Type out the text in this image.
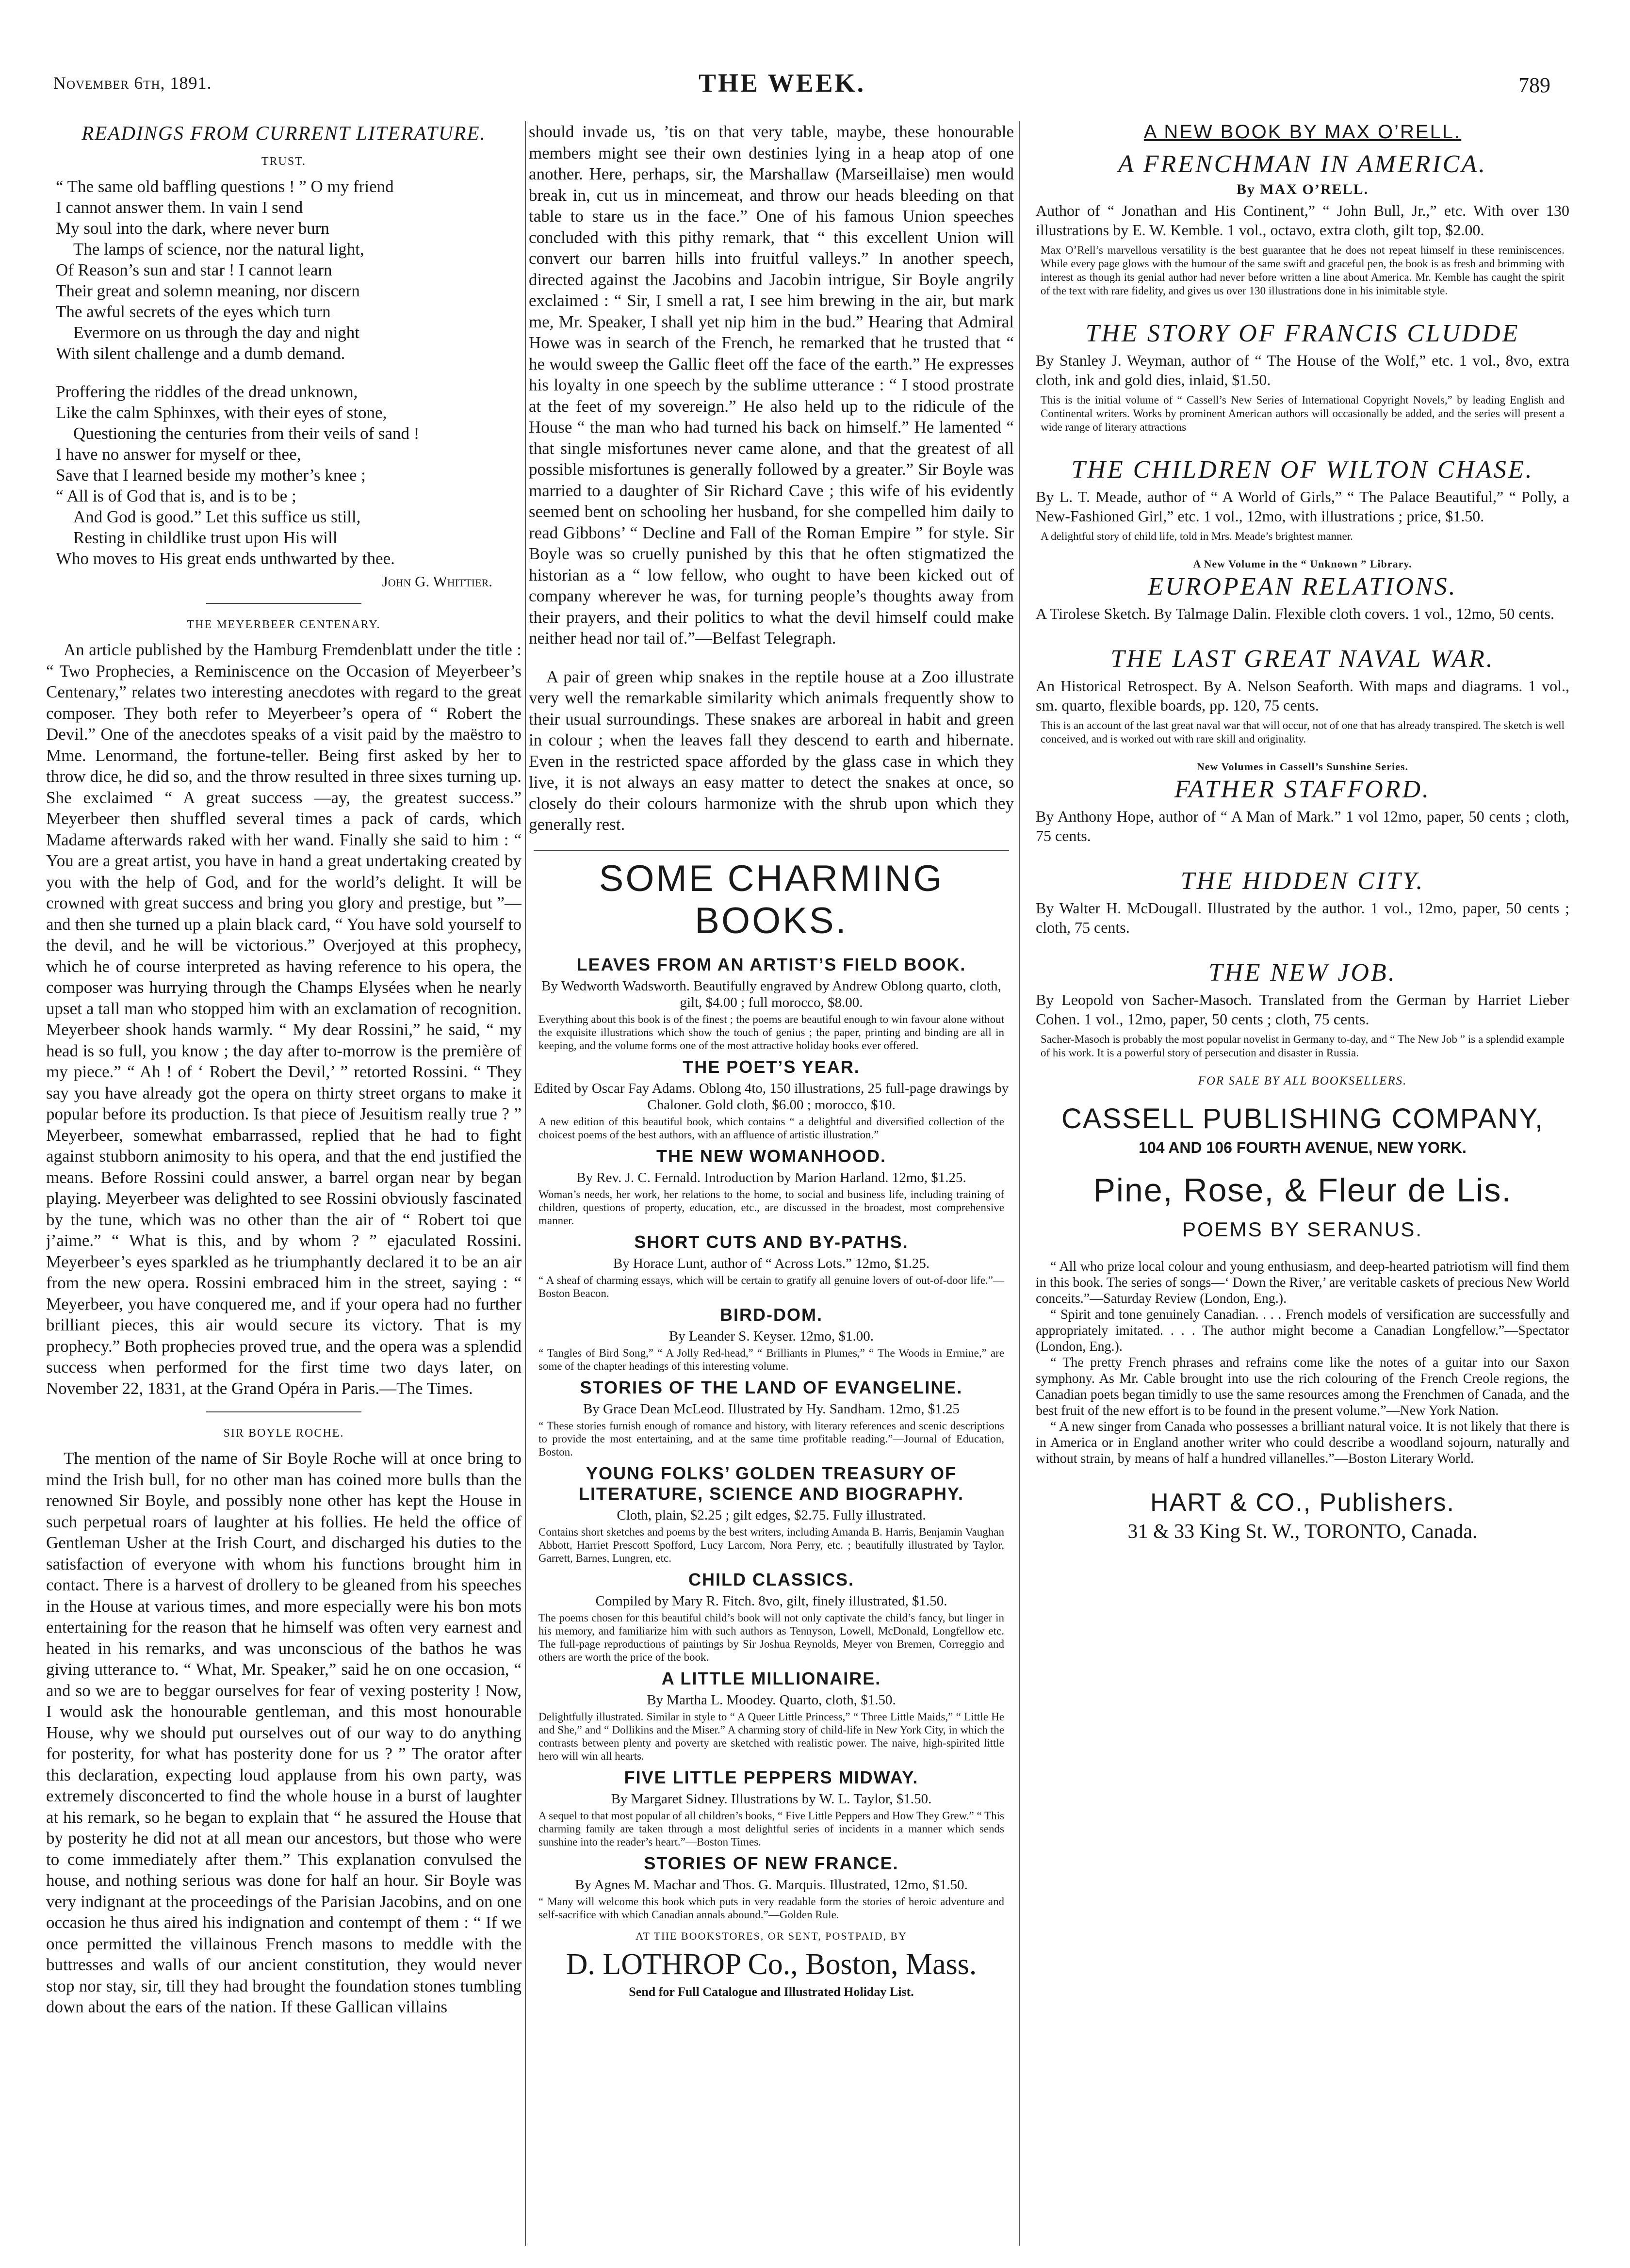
November 6th, 1891.	THE WEEK.	789
READINGS FROM CURRENT LITERATURE.
TRUST.
“ The same old baffling questions ! ” O my friend
I cannot answer them. In vain I send
My soul into the dark, where never burn
The lamps of science, nor the natural light,
Of Reason’s sun and star ! I cannot learn
Their great and solemn meaning, nor discern
The awful secrets of the eyes which turn
Evermore on us through the day and night
With silent challenge and a dumb demand.
Proffering the riddles of the dread unknown,
Like the calm Sphinxes, with their eyes of stone,
Questioning the centuries from their veils of sand !
I have no answer for myself or thee,
Save that I learned beside my mother’s knee ;
“ All is of God that is, and is to be ;
And God is good.” Let this suffice us still,
Resting in childlike trust upon His will
Who moves to His great ends unthwarted by thee.
John G. Whittier.
THE MEYERBEER CENTENARY.

An article published by the Hamburg Fremdenblatt under the title : “ Two Prophecies, a Reminiscence on the Occasion of Meyerbeer’s Centenary,” relates two interesting anecdotes with regard to the great composer. They both refer to Meyerbeer’s opera of “ Robert the Devil.” One of the anecdotes speaks of a visit paid by the maëstro to Mme. Lenormand, the fortune-teller. Being first asked by her to throw dice, he did so, and the throw resulted in three sixes turning up. She exclaimed “ A great success —ay, the greatest success.” Meyerbeer then shuffled several times a pack of cards, which Madame afterwards raked with her wand. Finally she said to him : “ You are a great artist, you have in hand a great undertaking created by you with the help of God, and for the world’s delight. It will be crowned with great success and bring you glory and prestige, but ”—and then she turned up a plain black card, “ You have sold yourself to the devil, and he will be victorious.” Overjoyed at this prophecy, which he of course interpreted as having reference to his opera, the composer was hurrying through the Champs Elysées when he nearly upset a tall man who stopped him with an exclamation of recognition. Meyerbeer shook hands warmly. “ My dear Rossini,” he said, “ my head is so full, you know ; the day after to-morrow is the première of my piece.” “ Ah ! of ‘ Robert the Devil,’ ” retorted Rossini. “ They say you have already got the opera on thirty street organs to make it popular before its production. Is that piece of Jesuitism really true ? ” Meyerbeer, somewhat embarrassed, replied that he had to fight against stubborn animosity to his opera, and that the end justified the means. Before Rossini could answer, a barrel organ near by began playing. Meyerbeer was delighted to see Rossini obviously fascinated by the tune, which was no other than the air of “ Robert toi que j’aime.” “ What is this, and by whom ? ” ejaculated Rossini. Meyerbeer’s eyes sparkled as he triumphantly declared it to be an air from the new opera. Rossini embraced him in the street, saying : “ Meyerbeer, you have conquered me, and if your opera had no further brilliant pieces, this air would secure its victory. That is my prophecy.” Both prophecies proved true, and the opera was a splendid success when performed for the first time two days later, on November 22, 1831, at the Grand Opéra in Paris.—The Times.

SIR BOYLE ROCHE.

The mention of the name of Sir Boyle Roche will at once bring to mind the Irish bull, for no other man has coined more bulls than the renowned Sir Boyle, and possibly none other has kept the House in such perpetual roars of laughter at his follies. He held the office of Gentleman Usher at the Irish Court, and discharged his duties to the satisfaction of everyone with whom his functions brought him in contact. There is a harvest of drollery to be gleaned from his speeches in the House at various times, and more especially were his bon mots entertaining for the reason that he himself was often very earnest and heated in his remarks, and was unconscious of the bathos he was giving utterance to. “ What, Mr. Speaker,” said he on one occasion, “ and so we are to beggar ourselves for fear of vexing posterity ! Now, I would ask the honourable gentleman, and this most honourable House, why we should put ourselves out of our way to do anything for posterity, for what has posterity done for us ? ” The orator after this declaration, expecting loud applause from his own party, was extremely disconcerted to find the whole house in a burst of laughter at his remark, so he began to explain that “ he assured the House that by posterity he did not at all mean our ancestors, but those who were to come immediately after them.” This explanation convulsed the house, and nothing serious was done for half an hour. Sir Boyle was very indignant at the proceedings of the Parisian Jacobins, and on one occasion he thus aired his indignation and contempt of them : “ If we once permitted the villainous French masons to meddle with the buttresses and walls of our ancient constitution, they would never stop nor stay, sir, till they had brought the foundation stones tumbling down about the ears of the nation. If these Gallican villains

should invade us, ’tis on that very table, maybe, these honourable members might see their own destinies lying in a heap atop of one another. Here, perhaps, sir, the Marshallaw (Marseillaise) men would break in, cut us in mincemeat, and throw our heads bleeding on that table to stare us in the face.” One of his famous Union speeches concluded with this pithy remark, that “ this excellent Union will convert our barren hills into fruitful valleys.” In another speech, directed against the Jacobins and Jacobin intrigue, Sir Boyle angrily exclaimed : “ Sir, I smell a rat, I see him brewing in the air, but mark me, Mr. Speaker, I shall yet nip him in the bud.” Hearing that Admiral Howe was in search of the French, he remarked that he trusted that “ he would sweep the Gallic fleet off the face of the earth.” He expresses his loyalty in one speech by the sublime utterance : “ I stood prostrate at the feet of my sovereign.” He also held up to the ridicule of the House “ the man who had turned his back on himself.” He lamented “ that single misfortunes never came alone, and that the greatest of all possible misfortunes is generally followed by a greater.” Sir Boyle was married to a daughter of Sir Richard Cave ; this wife of his evidently seemed bent on schooling her husband, for she compelled him daily to read Gibbons’ “ Decline and Fall of the Roman Empire ” for style. Sir Boyle was so cruelly punished by this that he often stigmatized the historian as a “ low fellow, who ought to have been kicked out of company wherever he was, for turning people’s thoughts away from their prayers, and their politics to what the devil himself could make neither head nor tail of.”—Belfast Telegraph.

A pair of green whip snakes in the reptile house at a Zoo illustrate very well the remarkable similarity which animals frequently show to their usual surroundings. These snakes are arboreal in habit and green in colour ; when the leaves fall they descend to earth and hibernate. Even in the restricted space afforded by the glass case in which they live, it is not always an easy matter to detect the snakes at once, so closely do their colours harmonize with the shrub upon which they generally rest.

SOME CHARMING BOOKS.
LEAVES FROM AN ARTIST’S FIELD BOOK.
By Wedworth Wadsworth. Beautifully engraved by Andrew Oblong quarto, cloth, gilt, $4.00 ; full morocco, $8.00.
Everything about this book is of the finest ; the poems are beautiful enough to win favour alone without the exquisite illustrations which show the touch of genius ; the paper, printing and binding are all in keeping, and the volume forms one of the most attractive holiday books ever offered.
THE POET’S YEAR.
Edited by Oscar Fay Adams. Oblong 4to, 150 illustrations, 25 full-page drawings by Chaloner. Gold cloth, $6.00 ; morocco, $10.
A new edition of this beautiful book, which contains “ a delightful and diversified collection of the choicest poems of the best authors, with an affluence of artistic illustration.”
THE NEW WOMANHOOD.
By Rev. J. C. Fernald. Introduction by Marion Harland. 12mo, $1.25.
Woman’s needs, her work, her relations to the home, to social and business life, including training of children, questions of property, education, etc., are discussed in the broadest, most comprehensive manner.
SHORT CUTS AND BY-PATHS.
By Horace Lunt, author of “ Across Lots.” 12mo, $1.25.
“ A sheaf of charming essays, which will be certain to gratify all genuine lovers of out-of-door life.”—Boston Beacon.
BIRD-DOM.
By Leander S. Keyser. 12mo, $1.00.
“ Tangles of Bird Song,” “ A Jolly Red-head,” “ Brilliants in Plumes,” “ The Woods in Ermine,” are some of the chapter headings of this interesting volume.
STORIES OF THE LAND OF EVANGELINE.
By Grace Dean McLeod. Illustrated by Hy. Sandham. 12mo, $1.25
“ These stories furnish enough of romance and history, with literary references and scenic descriptions to provide the most entertaining, and at the same time profitable reading.”—Journal of Education, Boston.
YOUNG FOLKS’ GOLDEN TREASURY OF LITERATURE, SCIENCE AND BIOGRAPHY.
Cloth, plain, $2.25 ; gilt edges, $2.75. Fully illustrated.
Contains short sketches and poems by the best writers, including Amanda B. Harris, Benjamin Vaughan Abbott, Harriet Prescott Spofford, Lucy Larcom, Nora Perry, etc. ; beautifully illustrated by Taylor, Garrett, Barnes, Lungren, etc.
CHILD CLASSICS.
Compiled by Mary R. Fitch. 8vo, gilt, finely illustrated, $1.50.
The poems chosen for this beautiful child’s book will not only captivate the child’s fancy, but linger in his memory, and familiarize him with such authors as Tennyson, Lowell, McDonald, Longfellow etc. The full-page reproductions of paintings by Sir Joshua Reynolds, Meyer von Bremen, Correggio and others are worth the price of the book.
A LITTLE MILLIONAIRE.
By Martha L. Moodey. Quarto, cloth, $1.50.
Delightfully illustrated. Similar in style to “ A Queer Little Princess,” “ Three Little Maids,” “ Little He and She,” and “ Dollikins and the Miser.” A charming story of child-life in New York City, in which the contrasts between plenty and poverty are sketched with realistic power. The naive, high-spirited little hero will win all hearts.
FIVE LITTLE PEPPERS MIDWAY.
By Margaret Sidney. Illustrations by W. L. Taylor, $1.50.
A sequel to that most popular of all children’s books, “ Five Little Peppers and How They Grew.” “ This charming family are taken through a most delightful series of incidents in a manner which sends sunshine into the reader’s heart.”—Boston Times.
STORIES OF NEW FRANCE.
By Agnes M. Machar and Thos. G. Marquis. Illustrated, 12mo, $1.50.
“ Many will welcome this book which puts in very readable form the stories of heroic adventure and self-sacrifice with which Canadian annals abound.”—Golden Rule.
AT THE BOOKSTORES, OR SENT, POSTPAID, BY
D. LOTHROP Co., Boston, Mass.
Send for Full Catalogue and Illustrated Holiday List.
A NEW BOOK BY MAX O’RELL.
A FRENCHMAN IN AMERICA.
By MAX O’RELL.
Author of “ Jonathan and His Continent,” “ John Bull, Jr.,” etc. With over 130 illustrations by E. W. Kemble. 1 vol., octavo, extra cloth, gilt top, $2.00.
Max O’Rell’s marvellous versatility is the best guarantee that he does not repeat himself in these reminiscences. While every page glows with the humour of the same swift and graceful pen, the book is as fresh and brimming with interest as though its genial author had never before written a line about America. Mr. Kemble has caught the spirit of the text with rare fidelity, and gives us over 130 illustrations done in his inimitable style.
THE STORY OF FRANCIS CLUDDE
By Stanley J. Weyman, author of “ The House of the Wolf,” etc. 1 vol., 8vo, extra cloth, ink and gold dies, inlaid, $1.50.
This is the initial volume of “ Cassell’s New Series of International Copyright Novels,” by leading English and Continental writers. Works by prominent American authors will occasionally be added, and the series will present a wide range of literary attractions
THE CHILDREN OF WILTON CHASE.
By L. T. Meade, author of “ A World of Girls,” “ The Palace Beautiful,” “ Polly, a New-Fashioned Girl,” etc. 1 vol., 12mo, with illustrations ; price, $1.50.
A delightful story of child life, told in Mrs. Meade’s brightest manner.
A New Volume in the “ Unknown ” Library.
EUROPEAN RELATIONS.
A Tirolese Sketch. By Talmage Dalin. Flexible cloth covers. 1 vol., 12mo, 50 cents.
THE LAST GREAT NAVAL WAR.
An Historical Retrospect. By A. Nelson Seaforth. With maps and diagrams. 1 vol., sm. quarto, flexible boards, pp. 120, 75 cents.
This is an account of the last great naval war that will occur, not of one that has already transpired. The sketch is well conceived, and is worked out with rare skill and originality.
New Volumes in Cassell’s Sunshine Series.
FATHER STAFFORD.
By Anthony Hope, author of “ A Man of Mark.” 1 vol 12mo, paper, 50 cents ; cloth, 75 cents.
THE HIDDEN CITY.
By Walter H. McDougall. Illustrated by the author. 1 vol., 12mo, paper, 50 cents ; cloth, 75 cents.
THE NEW JOB.
By Leopold von Sacher-Masoch. Translated from the German by Harriet Lieber Cohen. 1 vol., 12mo, paper, 50 cents ; cloth, 75 cents.
Sacher-Masoch is probably the most popular novelist in Germany to-day, and “ The New Job ” is a splendid example of his work. It is a powerful story of persecution and disaster in Russia.
FOR SALE BY ALL BOOKSELLERS.
CASSELL PUBLISHING COMPANY,
104 AND 106 FOURTH AVENUE, NEW YORK.
Pine, Rose, & Fleur de Lis.
POEMS BY SERANUS.
“ All who prize local colour and young enthusiasm, and deep-hearted patriotism will find them in this book. The series of songs—‘ Down the River,’ are veritable caskets of precious New World conceits.”—Saturday Review (London, Eng.).
“ Spirit and tone genuinely Canadian. . . . French models of versification are successfully and appropriately imitated. . . . The author might become a Canadian Longfellow.”—Spectator (London, Eng.).
“ The pretty French phrases and refrains come like the notes of a guitar into our Saxon symphony. As Mr. Cable brought into use the rich colouring of the French Creole regions, the Canadian poets began timidly to use the same resources among the Frenchmen of Canada, and the best fruit of the new effort is to be found in the present volume.”—New York Nation.
“ A new singer from Canada who possesses a brilliant natural voice. It is not likely that there is in America or in England another writer who could describe a woodland sojourn, naturally and without strain, by means of half a hundred villanelles.”—Boston Literary World.
HART & CO., Publishers.
31 & 33 King St. W., TORONTO, Canada.
